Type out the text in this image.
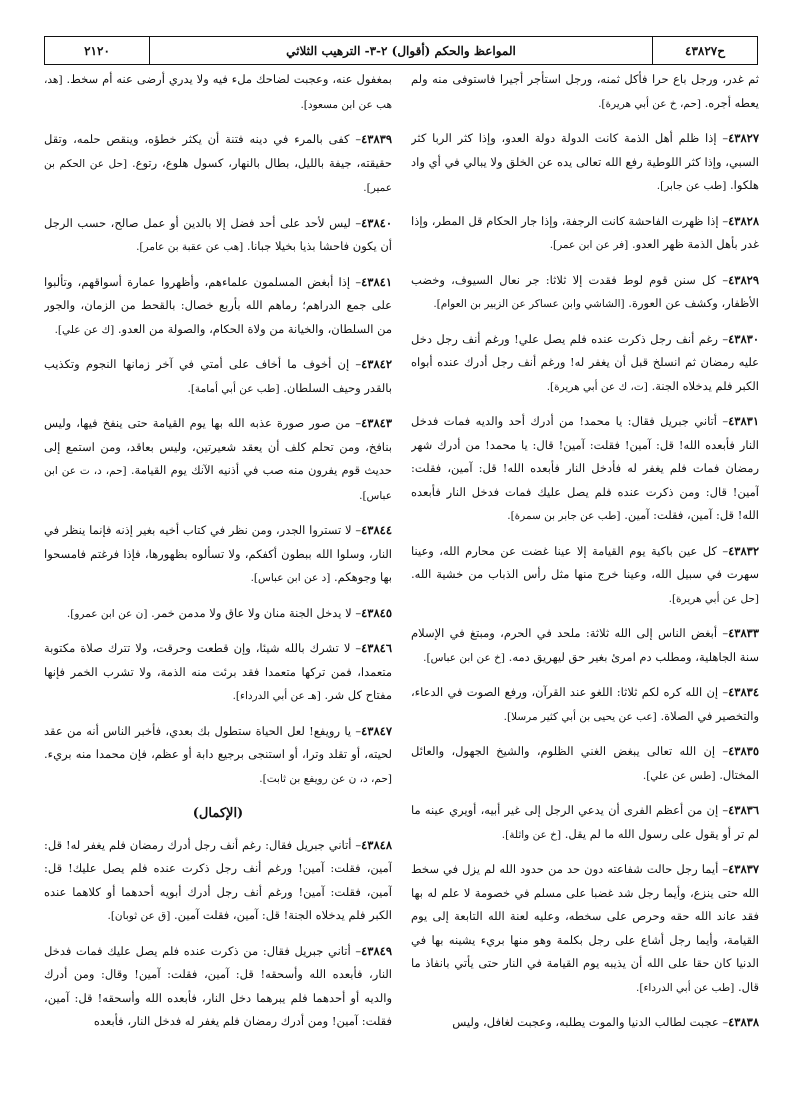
ح٤٣٨٢٧
المواعظ والحكم (أقوال) ٢-٣- الترهيب الثلاثي
٢١٢٠

ثم غدر، ورجل باع حرا فأكل ثمنه، ورجل استأجر أجيرا فاستوفى منه ولم يعطه أجره. [حم، خ عن أبي هريرة].

٤٣٨٢٧– إذا ظلم أهل الذمة كانت الدولة دولة العدو، وإذا كثر الربا كثر السبي، وإذا كثر اللوطية رفع الله تعالى يده عن الخلق ولا يبالي في أي واد هلكوا. [طب عن جابر].

٤٣٨٢٨– إذا ظهرت الفاحشة كانت الرجفة، وإذا جار الحكام قل المطر، وإذا غدر بأهل الذمة ظهر العدو. [فر عن ابن عمر].

٤٣٨٢٩– كل سنن قوم لوط فقدت إلا ثلاثا: جر نعال السيوف، وخضب الأظفار، وكشف عن العورة. [الشاشي وابن عساكر عن الزبير بن العوام].

٤٣٨٣٠– رغم أنف رجل ذكرت عنده فلم يصل علي! ورغم أنف رجل دخل عليه رمضان ثم انسلخ قبل أن يغفر له! ورغم أنف رجل أدرك عنده أبواه الكبر فلم يدخلاه الجنة. [ت، ك عن أبي هريرة].

٤٣٨٣١– أتاني جبريل فقال: يا محمد! من أدرك أحد والديه فمات فدخل النار فأبعده الله! قل: آمين! فقلت: آمين! قال: يا محمد! من أدرك شهر رمضان فمات فلم يغفر له فأدخل النار فأبعده الله! قل: آمين، فقلت: آمين! قال: ومن ذكرت عنده فلم يصل عليك فمات فدخل النار فأبعده الله! قل: آمين، فقلت: آمين. [طب عن جابر بن سمرة].

٤٣٨٣٢– كل عين باكية يوم القيامة إلا عينا غضت عن محارم الله، وعينا سهرت في سبيل الله، وعينا خرج منها مثل رأس الذباب من خشية الله. [حل عن أبي هريرة].

٤٣٨٣٣– أبغض الناس إلى الله ثلاثة: ملحد في الحرم، ومبتغ في الإسلام سنة الجاهلية، ومطلب دم امرئ بغير حق ليهريق دمه. [خ عن ابن عباس].

٤٣٨٣٤– إن الله كره لكم ثلاثا: اللغو عند القرآن، ورفع الصوت في الدعاء، والتخصير في الصلاة. [عب عن يحيى بن أبي كثير مرسلا].

٤٣٨٣٥– إن الله تعالى يبغض الغني الظلوم، والشيخ الجهول، والعائل المختال. [طس عن علي].

٤٣٨٣٦– إن من أعظم الفرى أن يدعي الرجل إلى غير أبيه، أويري عينه ما لم تر أو يقول على رسول الله ما لم يقل. [خ عن واثلة].

٤٣٨٣٧– أيما رجل حالت شفاعته دون حد من حدود الله لم يزل في سخط الله حتى ينزع، وأيما رجل شد غضبا على مسلم في خصومة لا علم له بها فقد عاند الله حقه وحرص على سخطه، وعليه لعنة الله التابعة إلى يوم القيامة، وأيما رجل أشاع على رجل بكلمة وهو منها بريء يشينه بها في الدنيا كان حقا على الله أن يذيبه يوم القيامة في النار حتى يأتي بانفاذ ما قال. [طب عن أبي الدرداء].

٤٣٨٣٨– عجبت لطالب الدنيا والموت يطلبه، وعجبت لغافل، وليس

بمغفول عنه، وعجبت لضاحك ملء فيه ولا يدري أرضى عنه أم سخط. [هد، هب عن ابن مسعود].

٤٣٨٣٩– كفى بالمرء في دينه فتنة أن يكثر خطؤه، وينقص حلمه، وتقل حقيقته، جيفة بالليل، بطال بالنهار، كسول هلوع، رتوع. [حل عن الحكم بن عمير].

٤٣٨٤٠– ليس لأحد على أحد فضل إلا بالدين أو عمل صالح، حسب الرجل أن يكون فاحشا بذيا بخيلا جبانا. [هب عن عقبة بن عامر].

٤٣٨٤١– إذا أبغض المسلمون علماءهم، وأظهروا عمارة أسواقهم، وتألبوا على جمع الدراهم؛ رماهم الله بأربع خصال: بالقحط من الزمان، والجور من السلطان، والخيانة من ولاة الحكام، والصولة من العدو. [ك عن علي].

٤٣٨٤٢– إن أخوف ما أخاف على أمتي في آخر زمانها النجوم وتكذيب بالقدر وحيف السلطان. [طب عن أبي أمامة].

٤٣٨٤٣– من صور صورة عذبه الله بها يوم القيامة حتى ينفخ فيها، وليس بنافخ، ومن تحلم كلف أن يعقد شعيرتين، وليس بعاقد، ومن استمع إلى حديث قوم يفرون منه صب في أذنيه الآنك يوم القيامة. [حم، د، ت عن ابن عباس].

٤٣٨٤٤– لا تستروا الجدر، ومن نظر في كتاب أخيه بغير إذنه فإنما ينظر في النار، وسلوا الله ببطون أكفكم، ولا تسألوه بظهورها، فإذا فرغتم فامسحوا بها وجوهكم. [د عن ابن عباس].

٤٣٨٤٥– لا يدخل الجنة منان ولا عاق ولا مدمن خمر. [ن عن ابن عمرو].

٤٣٨٤٦– لا تشرك بالله شيئا، وإن قطعت وحرقت، ولا تترك صلاة مكتوبة متعمدا، فمن تركها متعمدا فقد برئت منه الذمة، ولا تشرب الخمر فإنها مفتاح كل شر. [هـ عن أبي الدرداء].

٤٣٨٤٧– يا رويفع! لعل الحياة ستطول بك بعدي، فأخبر الناس أنه من عقد لحيته، أو تقلد وترا، أو استنجى برجيع دابة أو عظم، فإن محمدا منه بريء. [حم، د، ن عن رويفع بن ثابت].

(الإكمال)

٤٣٨٤٨– أتاني جبريل فقال: رغم أنف رجل أدرك رمضان فلم يغفر له! قل: آمين، فقلت: آمين! ورغم أنف رجل ذكرت عنده فلم يصل عليك! قل: آمين، فقلت: آمين! ورغم أنف رجل أدرك أبويه أحدهما أو كلاهما عنده الكبر فلم يدخلاه الجنة! قل: آمين، فقلت آمين. [ق عن ثوبان].

٤٣٨٤٩– أتاني جبريل فقال: من ذكرت عنده فلم يصل عليك فمات فدخل النار، فأبعده الله وأسحقه! قل: آمين، فقلت: آمين! وقال: ومن أدرك والديه أو أحدهما فلم يبرهما دخل النار، فأبعده الله وأسحقه! قل: آمين، فقلت: آمين! ومن أدرك رمضان فلم يغفر له فدخل النار، فأبعده
